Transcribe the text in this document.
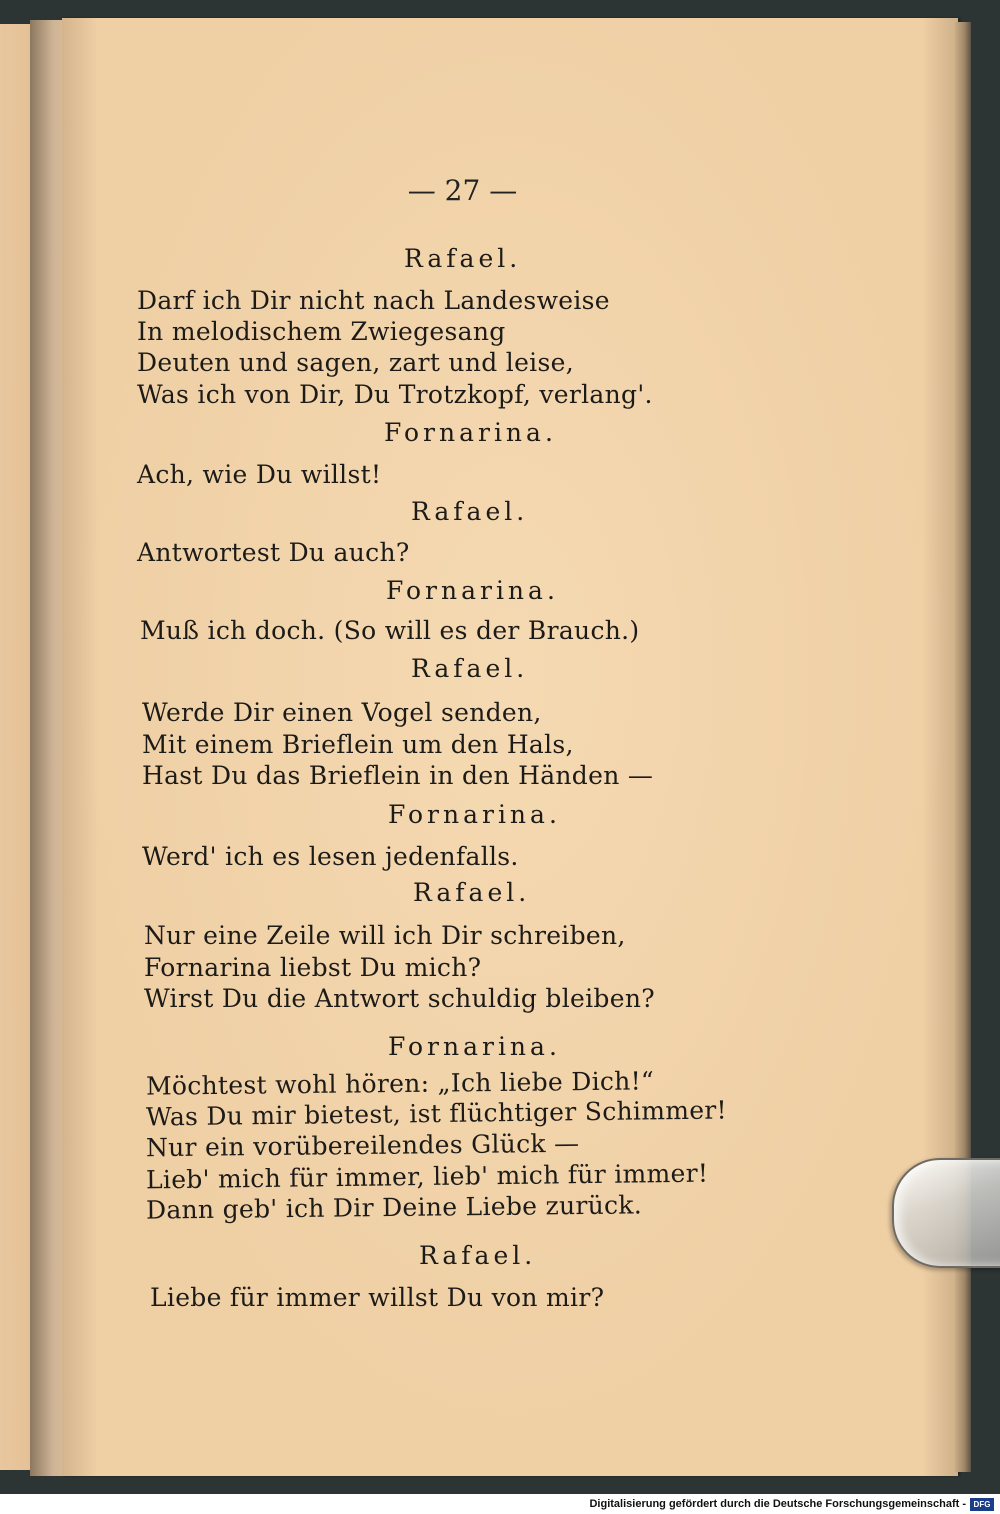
— 27 —
Rafael.
Darf ich Dir nicht nach Landesweise
In melodischem Zwiegesang
Deuten und sagen, zart und leise,
Was ich von Dir, Du Trotzkopf, verlang'.
Fornarina.
Ach, wie Du willst!
Rafael.
Antwortest Du auch?
Fornarina.
Muß ich doch. (So will es der Brauch.)
Rafael.
Werde Dir einen Vogel senden,
Mit einem Brieflein um den Hals,
Hast Du das Brieflein in den Händen —
Fornarina.
Werd' ich es lesen jedenfalls.
Rafael.
Nur eine Zeile will ich Dir schreiben,
Fornarina liebst Du mich?
Wirst Du die Antwort schuldig bleiben?
Fornarina.
Möchtest wohl hören: „Ich liebe Dich!“
Was Du mir bietest, ist flüchtiger Schimmer!
Nur ein vorübereilendes Glück —
Lieb' mich für immer, lieb' mich für immer!
Dann geb' ich Dir Deine Liebe zurück.
Rafael.
Liebe für immer willst Du von mir?
Digitalisierung gefördert durch die Deutsche Forschungsgemeinschaft - DFG
